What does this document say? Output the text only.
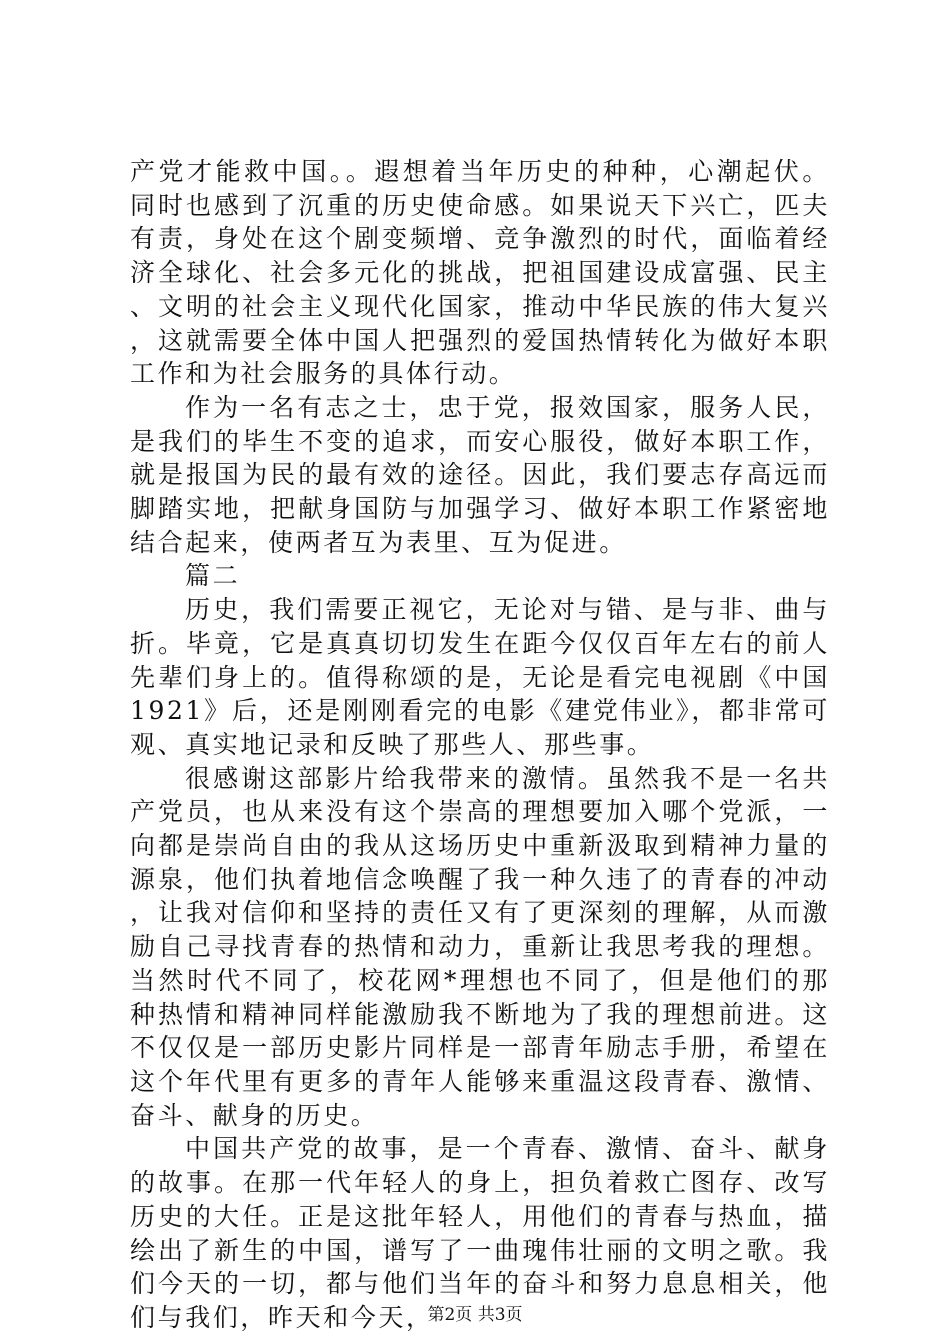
产党才能救中国。。遐想着当年历史的种种，心潮起伏。同时也感到了沉重的历史使命感。如果说天下兴亡，匹夫有责，身处在这个剧变频增、竞争激烈的时代，面临着经济全球化、社会多元化的挑战，把祖国建设成富强、民主、文明的社会主义现代化国家，推动中华民族的伟大复兴，这就需要全体中国人把强烈的爱国热情转化为做好本职工作和为社会服务的具体行动。

作为一名有志之士，忠于党，报效国家，服务人民，是我们的毕生不变的追求，而安心服役，做好本职工作，就是报国为民的最有效的途径。因此，我们要志存高远而脚踏实地，把献身国防与加强学习、做好本职工作紧密地结合起来，使两者互为表里、互为促进。

篇二

历史，我们需要正视它，无论对与错、是与非、曲与折。毕竟，它是真真切切发生在距今仅仅百年左右的前人先辈们身上的。值得称颂的是，无论是看完电视剧《中国1921》后，还是刚刚看完的电影《建党伟业》，都非常可观、真实地记录和反映了那些人、那些事。

很感谢这部影片给我带来的激情。虽然我不是一名共产党员，也从来没有这个崇高的理想要加入哪个党派，一向都是崇尚自由的我从这场历史中重新汲取到精神力量的源泉，他们执着地信念唤醒了我一种久违了的青春的冲动，让我对信仰和坚持的责任又有了更深刻的理解，从而激励自己寻找青春的热情和动力，重新让我思考我的理想。当然时代不同了，校花网*理想也不同了，但是他们的那种热情和精神同样能激励我不断地为了我的理想前进。这不仅仅是一部历史影片同样是一部青年励志手册，希望在这个年代里有更多的青年人能够来重温这段青春、激情、奋斗、献身的历史。

中国共产党的故事，是一个青春、激情、奋斗、献身的故事。在那一代年轻人的身上，担负着救亡图存、改写历史的大任。正是这批年轻人，用他们的青春与热血，描绘出了新生的中国，谱写了一曲瑰伟壮丽的文明之歌。我们今天的一切，都与他们当年的奋斗和努力息息相关，他们与我们，昨天和今天，

第2页 共3页
